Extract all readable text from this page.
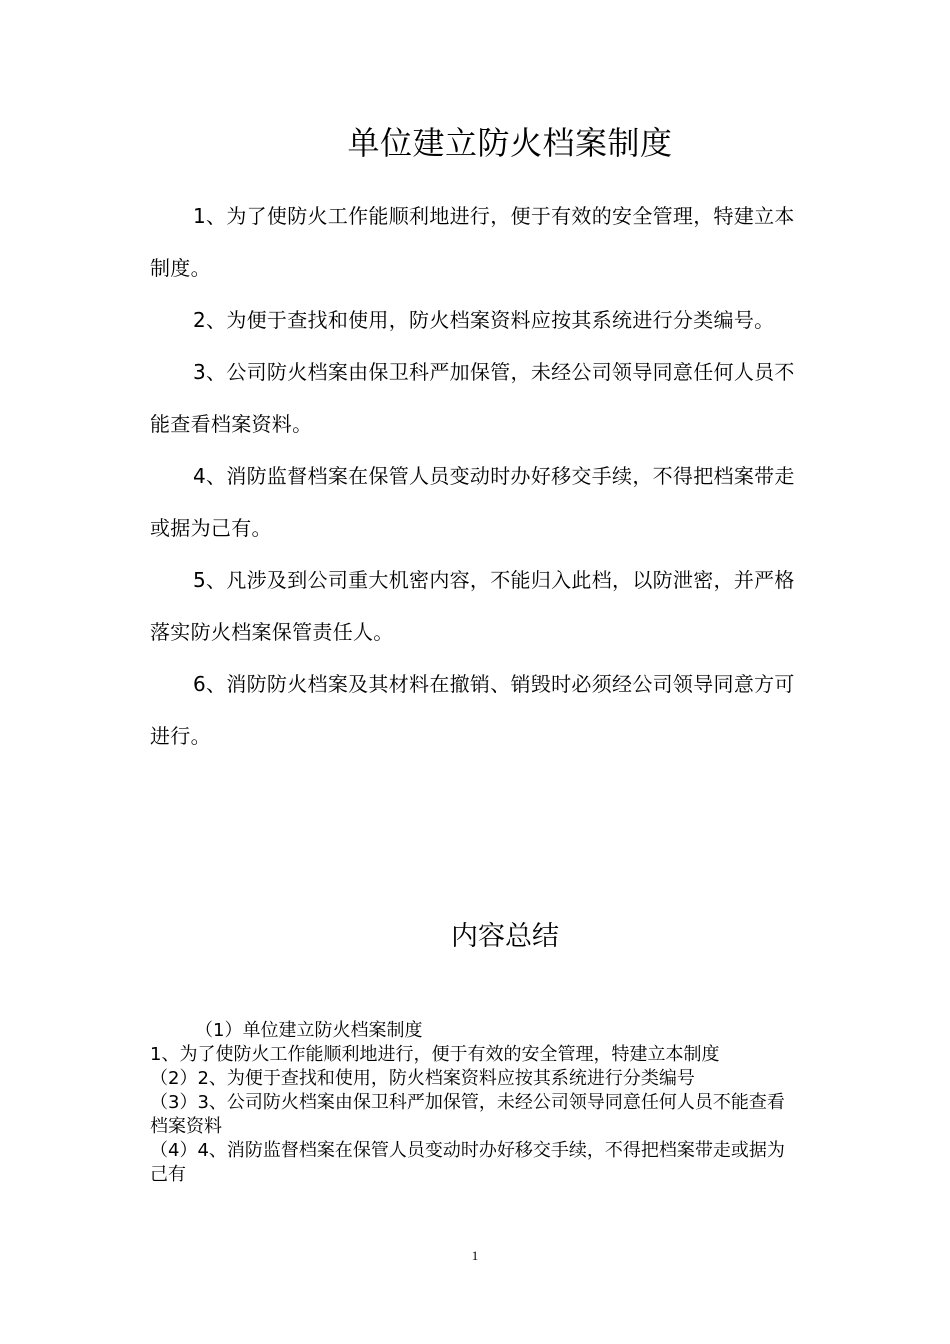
单位建立防火档案制度

1、为了使防火工作能顺利地进行，便于有效的安全管理，特建立本制度。

2、为便于查找和使用，防火档案资料应按其系统进行分类编号。

3、公司防火档案由保卫科严加保管，未经公司领导同意任何人员不能查看档案资料。

4、消防监督档案在保管人员变动时办好移交手续，不得把档案带走或据为己有。

5、凡涉及到公司重大机密内容，不能归入此档，以防泄密，并严格落实防火档案保管责任人。

6、消防防火档案及其材料在撤销、销毁时必须经公司领导同意方可进行。

内容总结

（1）单位建立防火档案制度

1、为了使防火工作能顺利地进行，便于有效的安全管理，特建立本制度

（2）2、为便于查找和使用，防火档案资料应按其系统进行分类编号

（3）3、公司防火档案由保卫科严加保管，未经公司领导同意任何人员不能查看档案资料

（4）4、消防监督档案在保管人员变动时办好移交手续，不得把档案带走或据为己有

1
